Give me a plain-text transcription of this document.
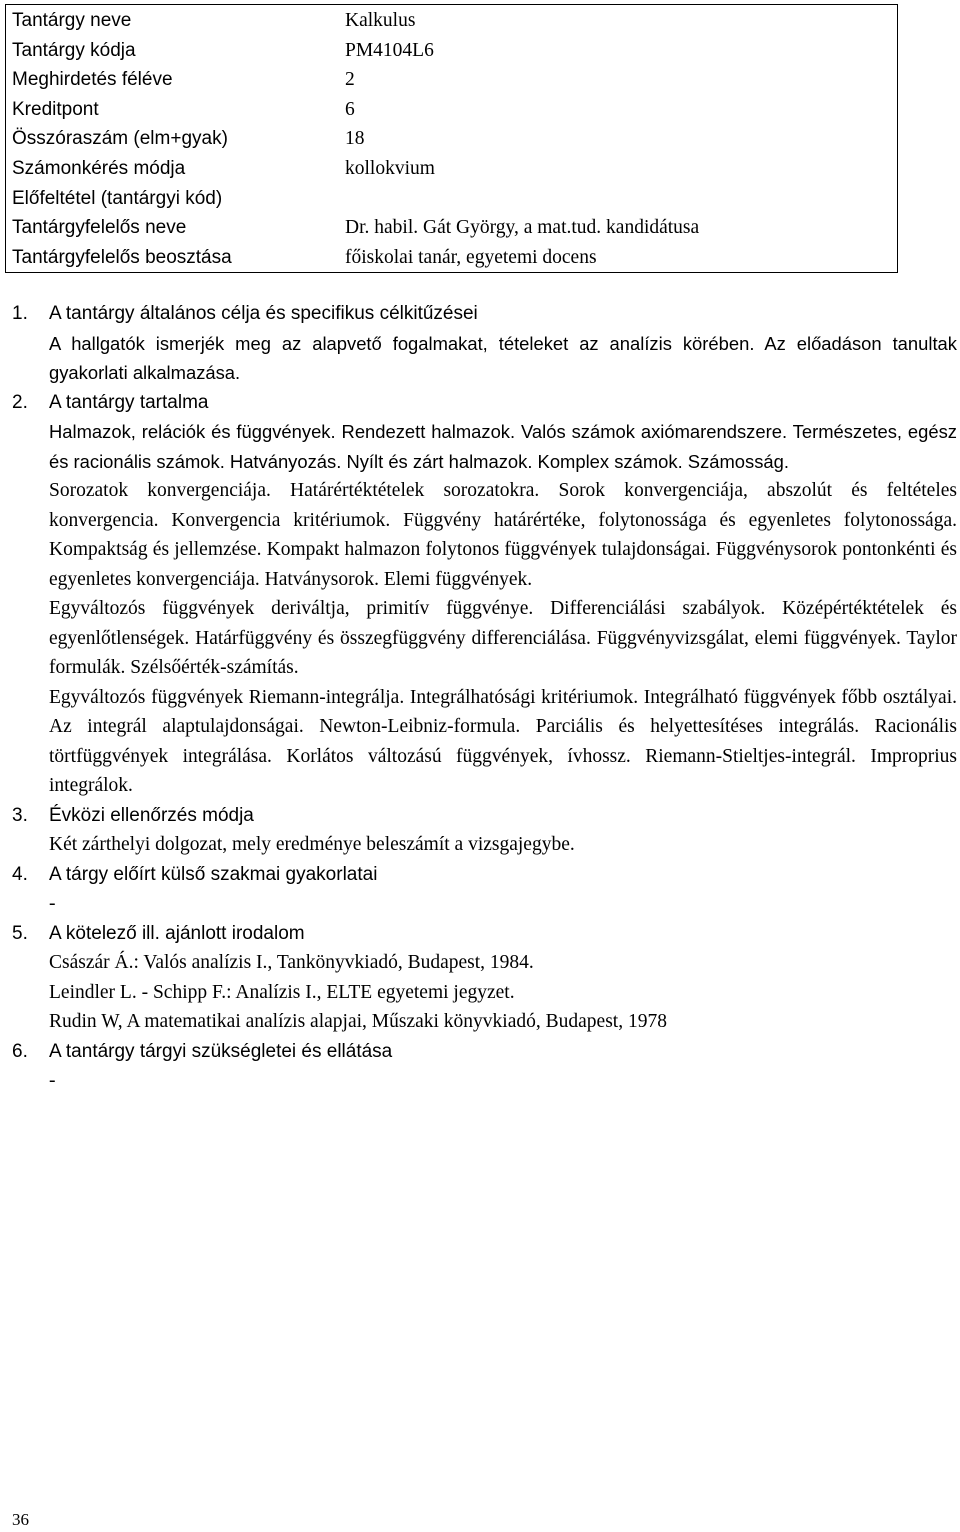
Tantárgy neve	Kalkulus
Tantárgy kódja	PM4104L6
Meghirdetés féléve	2
Kreditpont	6
Összóraszám (elm+gyak)	18
Számonkérés módja	kollokvium
Előfeltétel (tantárgyi kód)
Tantárgyfelelős neve	Dr. habil. Gát György, a mat.tud. kandidátusa
Tantárgyfelelős beosztása	főiskolai tanár, egyetemi docens
1.	A tantárgy általános célja és specifikus célkitűzései

A hallgatók ismerjék meg az alapvető fogalmakat, tételeket az analízis körében. Az előadáson tanultak gyakorlati alkalmazása.

2.	A tantárgy tartalma

Halmazok, relációk és függvények. Rendezett halmazok. Valós számok axiómarendszere. Természetes, egész és racionális számok. Hatványozás. Nyílt és zárt halmazok. Komplex számok. Számosság.

Sorozatok konvergenciája. Határértéktételek sorozatokra. Sorok konvergenciája, abszolút és feltételes konvergencia. Konvergencia kritériumok. Függvény határértéke, folytonossága és egyenletes folytonossága. Kompaktság és jellemzése. Kompakt halmazon folytonos függvények tulajdonságai. Függvénysorok pontonkénti és egyenletes konvergenciája. Hatványsorok. Elemi függvények.

Egyváltozós függvények deriváltja, primitív függvénye. Differenciálási szabályok. Középértéktételek és egyenlőtlenségek. Határfüggvény és összegfüggvény differenciálása. Függvényvizsgálat, elemi függvények. Taylor formulák. Szélsőérték-számítás.

Egyváltozós függvények Riemann-integrálja. Integrálhatósági kritériumok. Integrálható függvények főbb osztályai. Az integrál alaptulajdonságai. Newton-Leibniz-formula. Parciális és helyettesítéses integrálás. Racionális törtfüggvények integrálása. Korlátos változású függvények, ívhossz. Riemann-Stieltjes-integrál. Improprius integrálok.

3.	Évközi ellenőrzés módja

Két zárthelyi dolgozat, mely eredménye beleszámít a vizsgajegybe.

4.	A tárgy előírt külső szakmai gyakorlatai

-

5.	A kötelező ill. ajánlott irodalom

Császár Á.: Valós analízis I., Tankönyvkiadó, Budapest, 1984.

Leindler L. - Schipp F.: Analízis I., ELTE egyetemi jegyzet.

Rudin W, A matematikai analízis alapjai, Műszaki könyvkiadó, Budapest, 1978

6.	A tantárgy tárgyi szükségletei és ellátása

-

36
